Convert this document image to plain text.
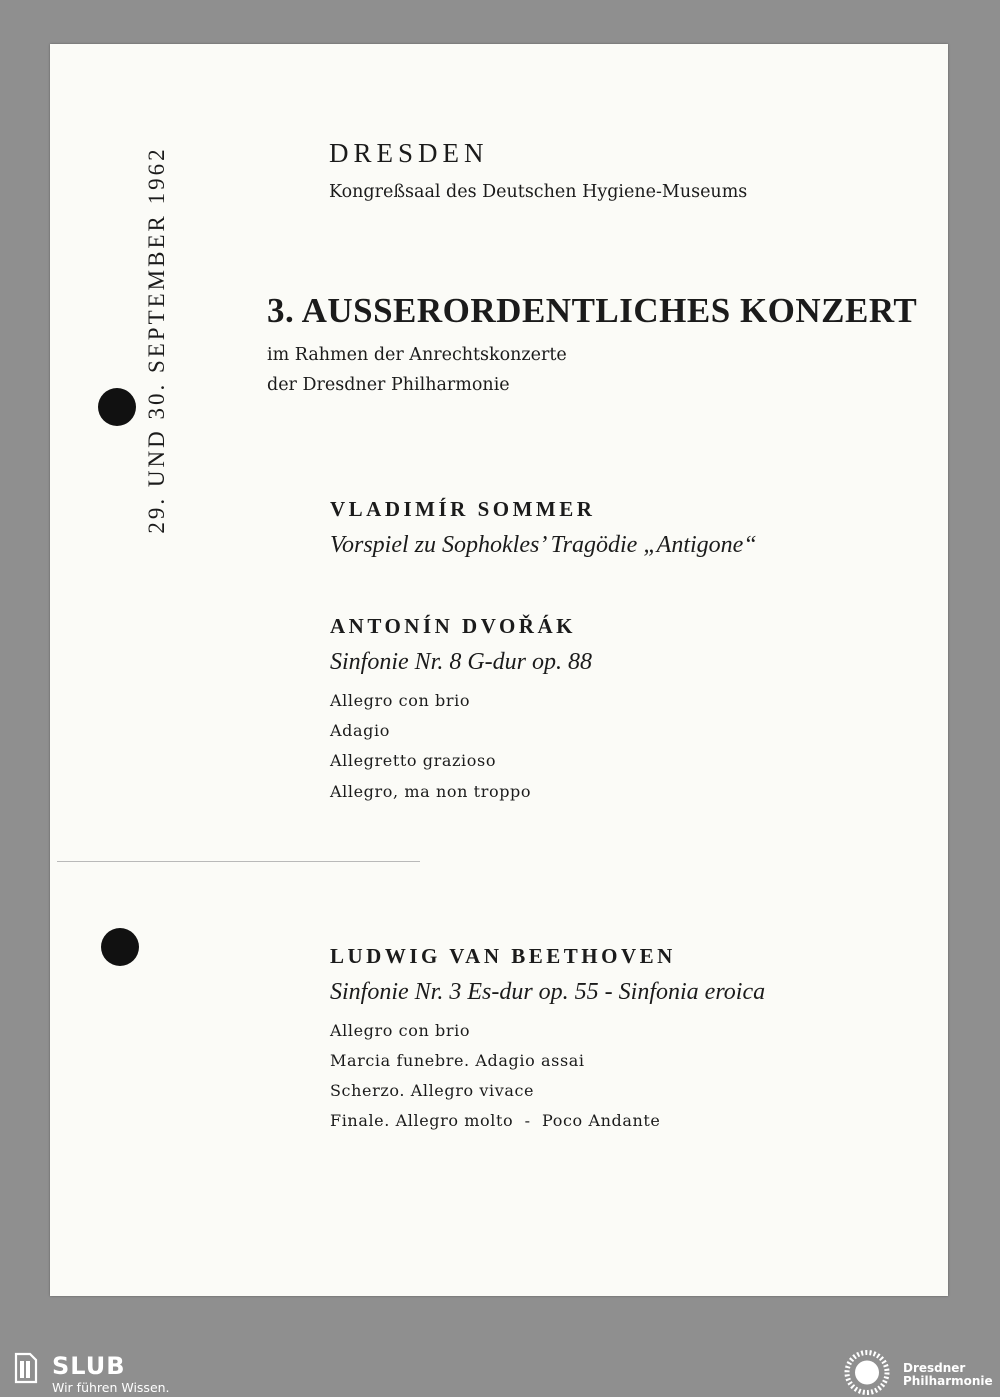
29. UND 30. SEPTEMBER 1962	DRESDEN

Kongreßsaal des Deutschen Hygiene-Museums

3. AUSSERORDENTLICHES KONZERT

im Rahmen der Anrechtskonzerte

der Dresdner Philharmonie

VLADIMÍR SOMMER

Vorspiel zu Sophokles’ Tragödie „Antigone“

ANTONÍN DVOŘÁK

Sinfonie Nr. 8 G-dur op. 88

Allegro con brio

Adagio

Allegretto grazioso

Allegro, ma non troppo

LUDWIG VAN BEETHOVEN

Sinfonie Nr. 3 Es-dur op. 55 - Sinfonia eroica

Allegro con brio

Marcia funebre. Adagio assai

Scherzo. Allegro vivace

Finale. Allegro molto  -  Poco Andante

SLUB

Wir führen Wissen.

Dresdner
Philharmonie
